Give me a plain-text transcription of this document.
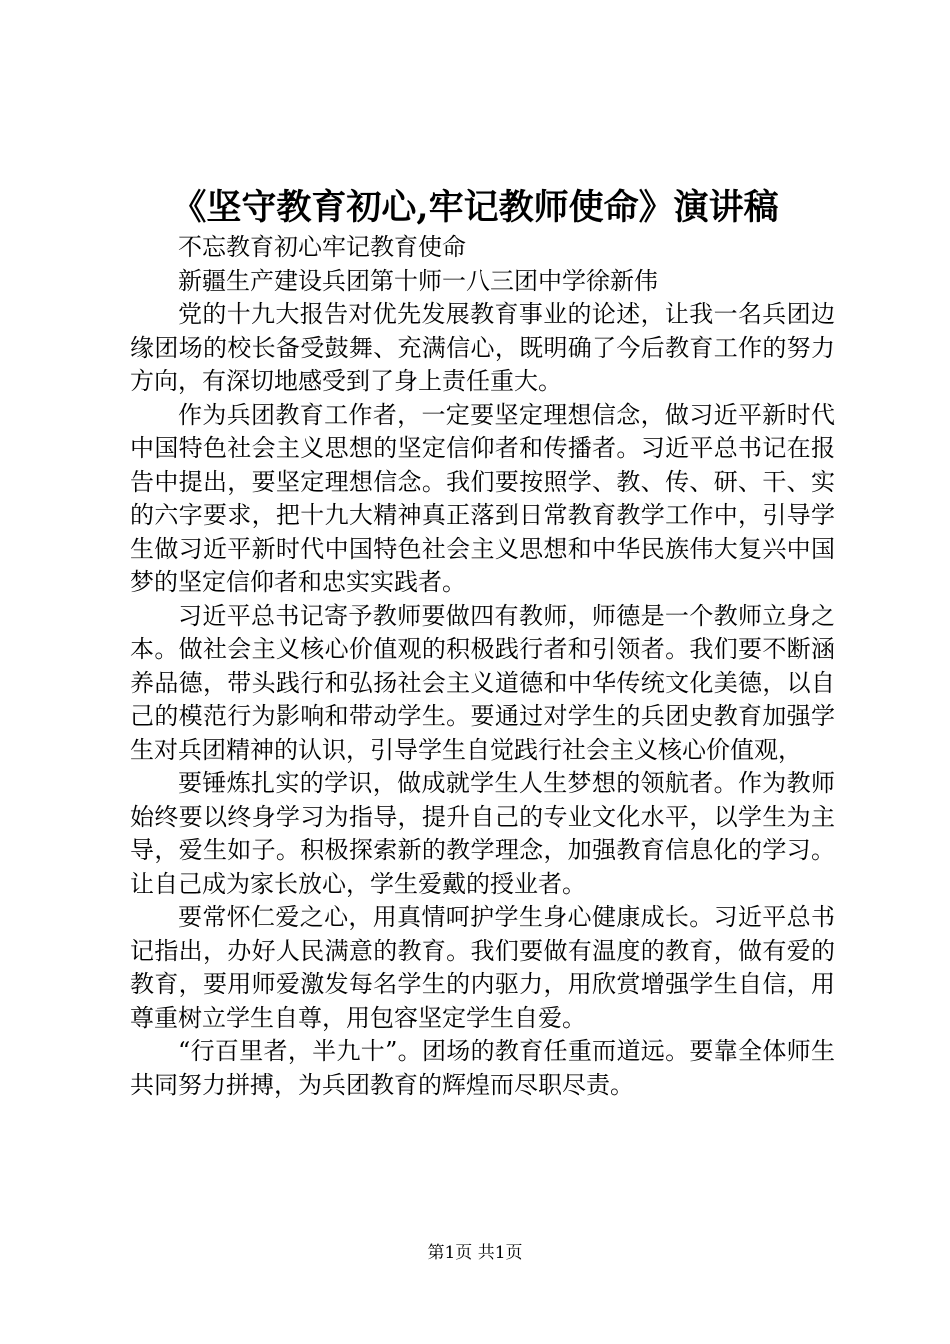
《坚守教育初心,牢记教师使命》演讲稿

不忘教育初心牢记教育使命

新疆生产建设兵团第十师一八三团中学徐新伟

党的十九大报告对优先发展教育事业的论述，让我一名兵团边缘团场的校长备受鼓舞、充满信心，既明确了今后教育工作的努力方向，有深切地感受到了身上责任重大。

作为兵团教育工作者，一定要坚定理想信念，做习近平新时代中国特色社会主义思想的坚定信仰者和传播者。习近平总书记在报告中提出，要坚定理想信念。我们要按照学、教、传、研、干、实的六字要求，把十九大精神真正落到日常教育教学工作中，引导学生做习近平新时代中国特色社会主义思想和中华民族伟大复兴中国梦的坚定信仰者和忠实实践者。

习近平总书记寄予教师要做四有教师，师德是一个教师立身之本。做社会主义核心价值观的积极践行者和引领者。我们要不断涵养品德，带头践行和弘扬社会主义道德和中华传统文化美德，以自己的模范行为影响和带动学生。要通过对学生的兵团史教育加强学生对兵团精神的认识，引导学生自觉践行社会主义核心价值观，

要锤炼扎实的学识，做成就学生人生梦想的领航者。作为教师始终要以终身学习为指导，提升自己的专业文化水平，以学生为主导，爱生如子。积极探索新的教学理念，加强教育信息化的学习。让自己成为家长放心，学生爱戴的授业者。

要常怀仁爱之心，用真情呵护学生身心健康成长。习近平总书记指出，办好人民满意的教育。我们要做有温度的教育，做有爱的教育，要用师爱激发每名学生的内驱力，用欣赏增强学生自信，用尊重树立学生自尊，用包容坚定学生自爱。

“行百里者，半九十”。团场的教育任重而道远。要靠全体师生共同努力拼搏，为兵团教育的辉煌而尽职尽责。

第1页 共1页
